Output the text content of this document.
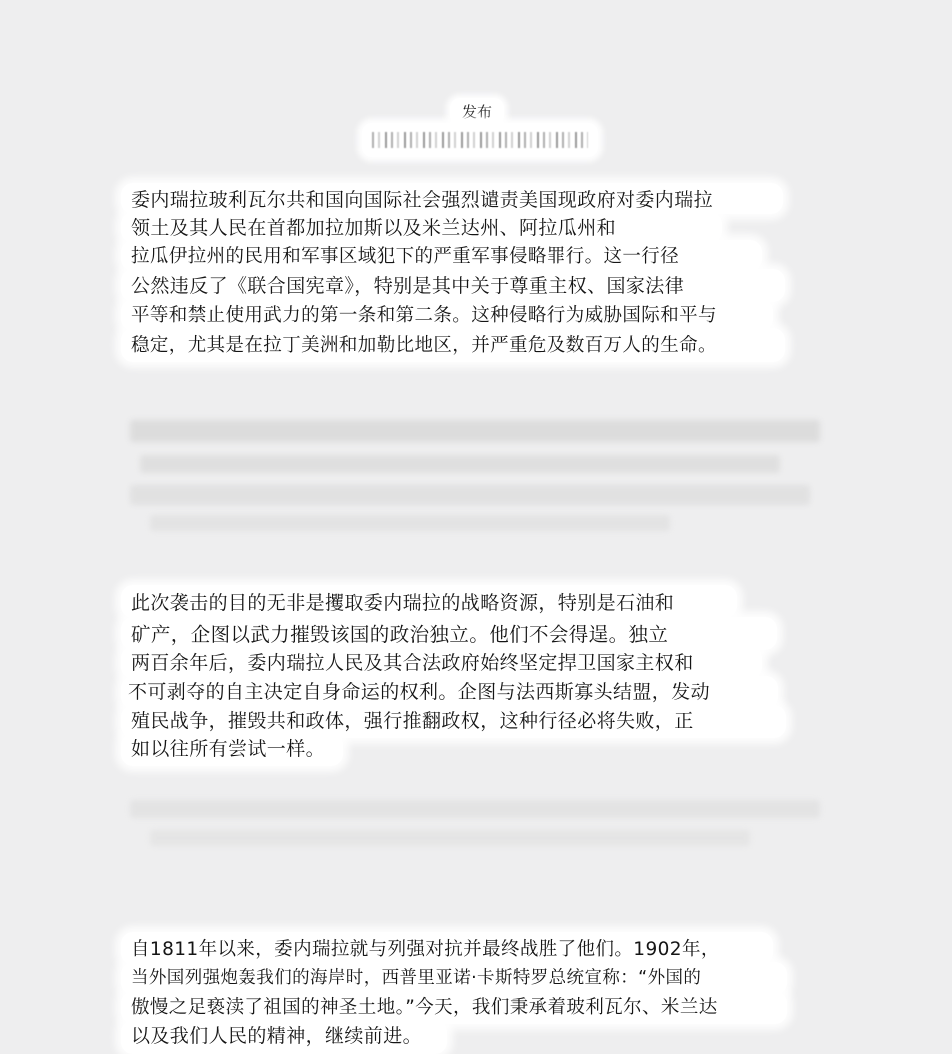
发布
委内瑞拉玻利瓦尔共和国向国际社会强烈谴责美国现政府对委内瑞拉
领土及其人民在首都加拉加斯以及米兰达州、阿拉瓜州和
拉瓜伊拉州的民用和军事区域犯下的严重军事侵略罪行。这一行径
公然违反了《联合国宪章》，特别是其中关于尊重主权、国家法律
平等和禁止使用武力的第一条和第二条。这种侵略行为威胁国际和平与
稳定，尤其是在拉丁美洲和加勒比地区，并严重危及数百万人的生命。
此次袭击的目的无非是攫取委内瑞拉的战略资源，特别是石油和
矿产，企图以武力摧毁该国的政治独立。他们不会得逞。独立
两百余年后，委内瑞拉人民及其合法政府始终坚定捍卫国家主权和
不可剥夺的自主决定自身命运的权利。企图与法西斯寡头结盟，发动
殖民战争，摧毁共和政体，强行推翻政权，这种行径必将失败，正
如以往所有尝试一样。
自1811年以来，委内瑞拉就与列强对抗并最终战胜了他们。1902年，
当外国列强炮轰我们的海岸时，西普里亚诺·卡斯特罗总统宣称：“外国的
傲慢之足亵渎了祖国的神圣土地。”今天，我们秉承着玻利瓦尔、米兰达
以及我们人民的精神，继续前进。
